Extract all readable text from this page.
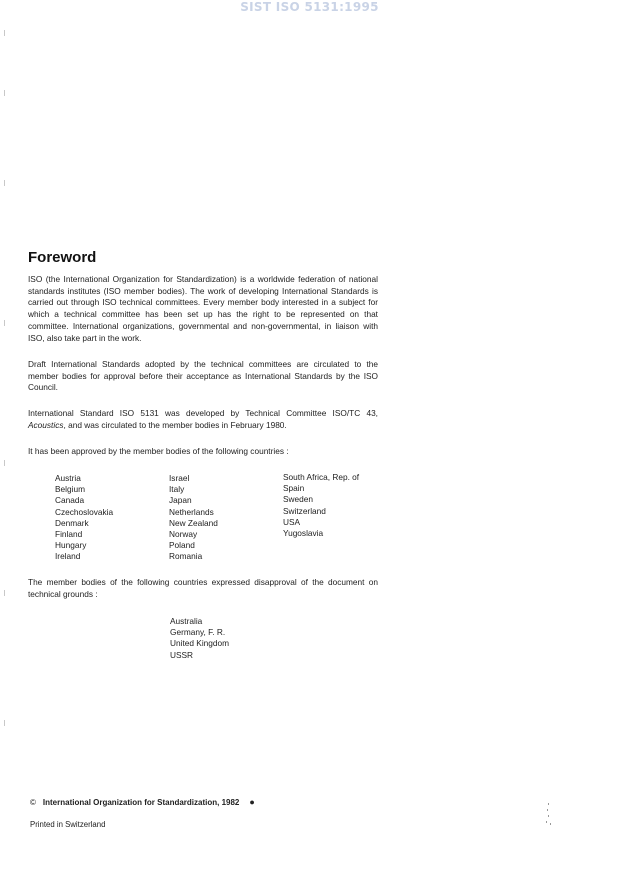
SIST ISO 5131:1995
Foreword

ISO (the International Organization for Standardization) is a worldwide federation of national standards institutes (ISO member bodies). The work of developing International Standards is carried out through ISO technical committees. Every member body interested in a subject for which a technical committee has been set up has the right to be represented on that committee. International organizations, governmental and non-governmental, in liaison with ISO, also take part in the work.

Draft International Standards adopted by the technical committees are circulated to the member bodies for approval before their acceptance as International Standards by the ISO Council.

International Standard ISO 5131 was developed by Technical Committee ISO/TC 43, Acoustics, and was circulated to the member bodies in February 1980.

It has been approved by the member bodies of the following countries :

Austria
Belgium
Canada
Czechoslovakia
Denmark
Finland
Hungary
Ireland
Israel
Italy
Japan
Netherlands
New Zealand
Norway
Poland
Romania
South Africa, Rep. of
Spain
Sweden
Switzerland
USA
Yugoslavia

The member bodies of the following countries expressed disapproval of the document on technical grounds :

Australia
Germany, F. R.
United Kingdom
USSR

© International Organization for Standardization, 1982 ●

Printed in Switzerland
